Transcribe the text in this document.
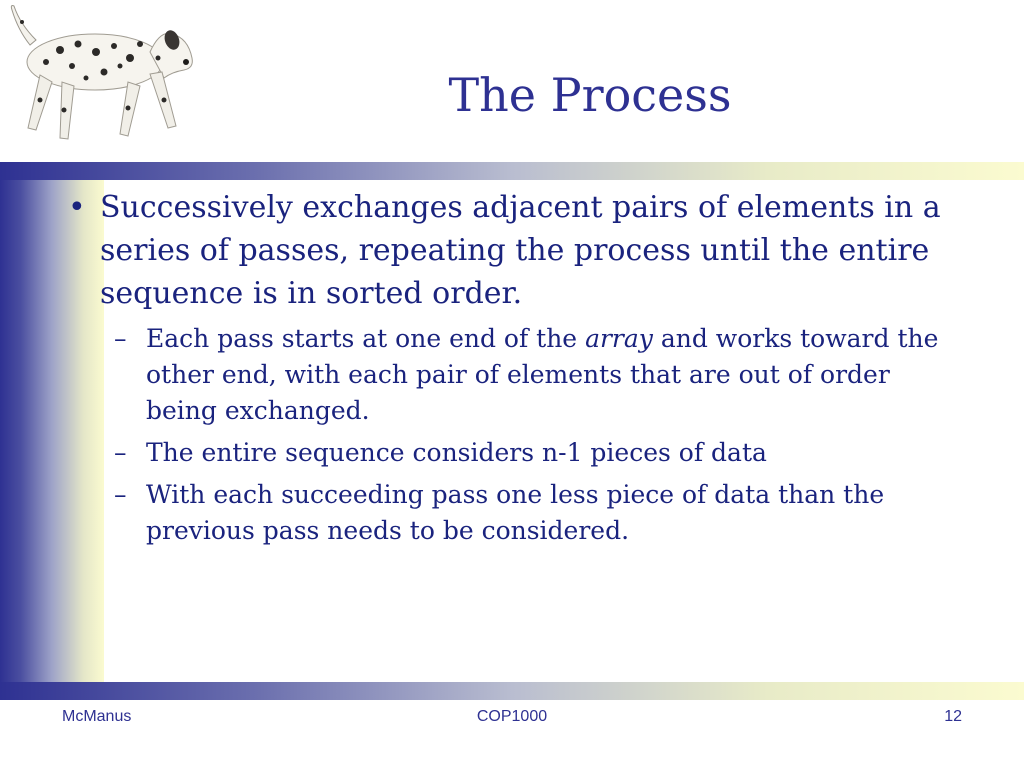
The Process

• Successively exchanges adjacent pairs of elements in a series of passes, repeating the process until the entire sequence is in sorted order.

– Each pass starts at one end of the array and works toward the other end, with each pair of elements that are out of order being exchanged.

– The entire sequence considers n-1 pieces of data

– With each succeeding pass one less piece of data than the previous pass needs to be considered.

McManus	COP1000	12
